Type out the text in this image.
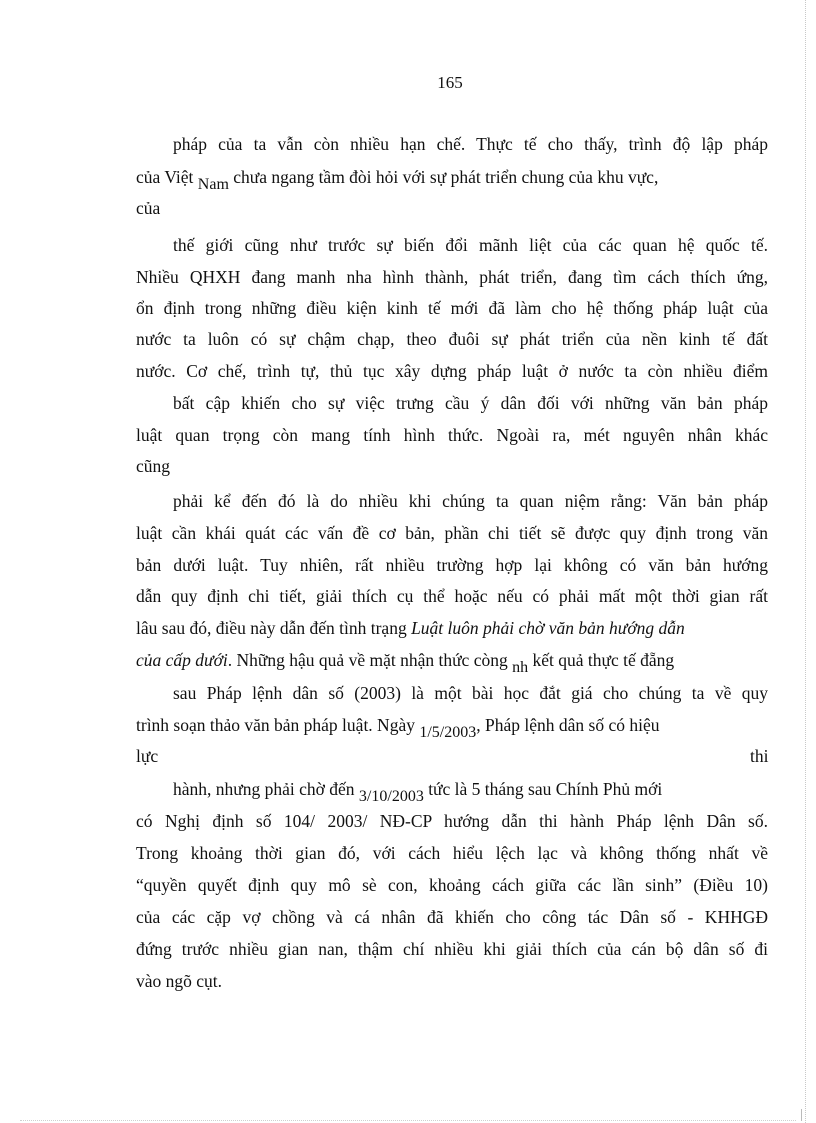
165
pháp của ta vẫn còn nhiều hạn chế. Thực tế cho thấy, trình độ lập pháp
của Việt Nam chưa ngang tầm đòi hỏi với sự phát triển chung của khu vực,
của
thế giới cũng như trước sự biến đổi mãnh liệt của các quan hệ quốc tế.
Nhiều QHXH đang manh nha hình thành, phát triển, đang tìm cách thích ứng,
ổn định trong những điều kiện kinh tế mới đã làm cho hệ thống pháp luật của
nước ta luôn có sự chậm chạp, theo đuôi sự phát triển của nền kinh tế đất
nước. Cơ chế, trình tự, thủ tục xây dựng pháp luật ở nước ta còn nhiều điểm
bất cập khiến cho sự việc trưng cầu ý dân đối với những văn bản pháp
luật quan trọng còn mang tính hình thức. Ngoài ra, mét nguyên nhân khác
cũng
phải kể đến đó là do nhiều khi chúng ta quan niệm rằng: Văn bản pháp
luật cần khái quát các vấn đề cơ bản, phần chi tiết sẽ được quy định trong văn
bản dưới luật. Tuy nhiên, rất nhiều trường hợp lại không có văn bản hướng
dẫn quy định chi tiết, giải thích cụ thể hoặc nếu có phải mất một thời gian rất
lâu sau đó, điều này dẫn đến tình trạng Luật luôn phải chờ văn bản hướng dẫn
của cấp dưới. Những hậu quả về mặt nhận thức còng nh kết quả thực tế đẵng
sau Pháp lệnh dân số (2003) là một bài học đắt giá cho chúng ta về quy
trình soạn thảo văn bản pháp luật. Ngày 1/5/2003, Pháp lệnh dân số có hiệu
lực	thi
hành, nhưng phải chờ đến 3/10/2003 tức là 5 tháng sau Chính Phủ mới
có Nghị định số 104/ 2003/ NĐ-CP hướng dẫn thi hành Pháp lệnh Dân số.
Trong khoảng thời gian đó, với cách hiểu lệch lạc và không thống nhất về
“quyền quyết định quy mô sè con, khoảng cách giữa các lần sinh” (Điều 10)
của các cặp vợ chồng và cá nhân đã khiến cho công tác Dân số - KHHGĐ
đứng trước nhiều gian nan, thậm chí nhiều khi giải thích của cán bộ dân số đi
vào ngõ cụt.
